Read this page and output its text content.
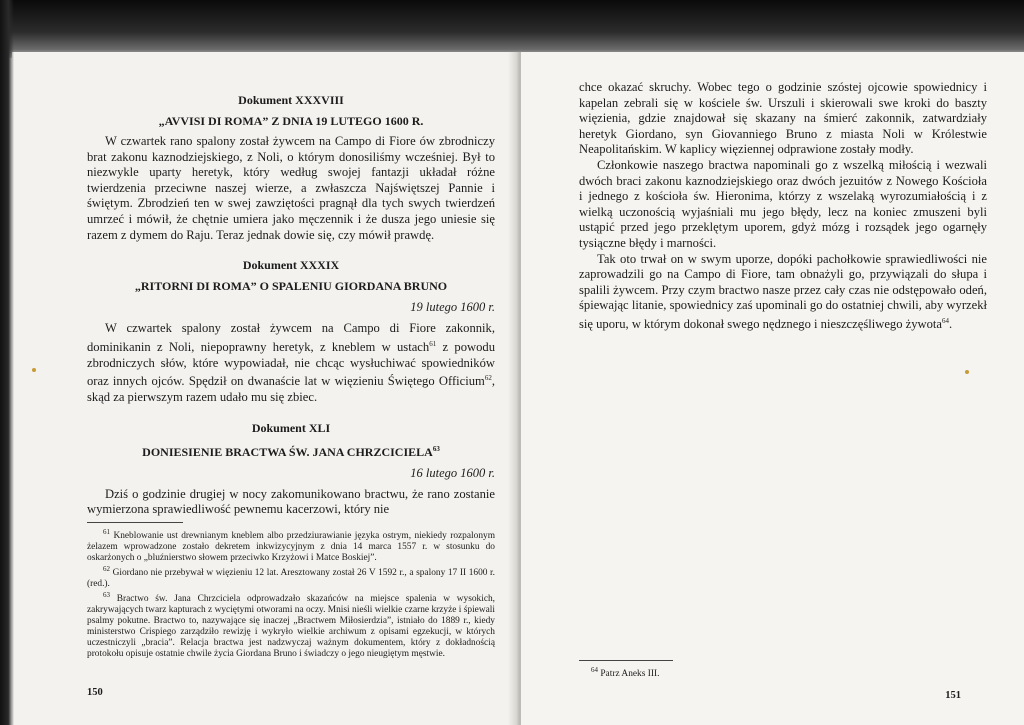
Dokument XXXVIII
„AVVISI DI ROMA” Z DNIA 19 LUTEGO 1600 R.

W czwartek rano spalony został żywcem na Campo di Fiore ów zbrodniczy brat zakonu kaznodziejskiego, z Noli, o którym donosiliśmy wcześniej. Był to niezwykle uparty heretyk, który według swojej fantazji układał różne twierdzenia przeciwne naszej wierze, a zwłaszcza Najświętszej Pannie i świętym. Zbrodzień ten w swej zawziętości pragnął dla tych swych twierdzeń umrzeć i mówił, że chętnie umiera jako męczennik i że dusza jego uniesie się razem z dymem do Raju. Teraz jednak dowie się, czy mówił prawdę.

Dokument XXXIX
„RITORNI DI ROMA” O SPALENIU GIORDANA BRUNO
19 lutego 1600 r.

W czwartek spalony został żywcem na Campo di Fiore zakonnik, dominikanin z Noli, niepoprawny heretyk, z kneblem w ustach$^{61}$ z powodu zbrodniczych słów, które wypowiadał, nie chcąc wysłuchiwać spowiedników oraz innych ojców. Spędził on dwanaście lat w więzieniu Świętego Officium$^{62}$, skąd za pierwszym razem udało mu się zbiec.

Dokument XLI
DONIESIENIE BRACTWA ŚW. JANA CHRZCICIELA$^{63}$
16 lutego 1600 r.

Dziś o godzinie drugiej w nocy zakomunikowano bractwu, że rano zostanie wymierzona sprawiedliwość pewnemu kacerzowi, który nie

$^{61}$ Kneblowanie ust drewnianym kneblem albo przedziurawianie języka ostrym, niekiedy rozpalonym żelazem wprowadzone zostało dekretem inkwizycyjnym z dnia 14 marca 1557 r. w stosunku do oskarżonych o „bluźnierstwo słowem przeciwko Krzyżowi i Matce Boskiej”.

$^{62}$ Giordano nie przebywał w więzieniu 12 lat. Aresztowany został 26 V 1592 r., a spalony 17 II 1600 r. (red.).

$^{63}$ Bractwo św. Jana Chrzciciela odprowadzało skazańców na miejsce spalenia w wysokich, zakrywających twarz kapturach z wyciętymi otworami na oczy. Mnisi nieśli wielkie czarne krzyże i śpiewali psalmy pokutne. Bractwo to, nazywające się inaczej „Bractwem Miłosierdzia”, istniało do 1889 r., kiedy ministerstwo Crispiego zarządziło rewizję i wykryło wielkie archiwum z opisami egzekucji, w których uczestniczyli „bracia”. Relacja bractwa jest nadzwyczaj ważnym dokumentem, który z dokładnością protokołu opisuje ostatnie chwile życia Giordana Bruno i świadczy o jego nieugiętym męstwie.

150

chce okazać skruchy. Wobec tego o godzinie szóstej ojcowie spowiednicy i kapelan zebrali się w kościele św. Urszuli i skierowali swe kroki do baszty więzienia, gdzie znajdował się skazany na śmierć zakonnik, zatwardziały heretyk Giordano, syn Giovanniego Bruno z miasta Noli w Królestwie Neapolitańskim. W kaplicy więziennej odprawione zostały modły.

Członkowie naszego bractwa napominali go z wszelką miłością i wezwali dwóch braci zakonu kaznodziejskiego oraz dwóch jezuitów z Nowego Kościoła i jednego z kościoła św. Hieronima, którzy z wszelaką wyrozumiałością i z wielką uczonością wyjaśniali mu jego błędy, lecz na koniec zmuszeni byli ustąpić przed jego przeklętym uporem, gdyż mózg i rozsądek jego ogarnęły tysiączne błędy i marności.

Tak oto trwał on w swym uporze, dopóki pachołkowie sprawiedliwości nie zaprowadzili go na Campo di Fiore, tam obnażyli go, przywiązali do słupa i spalili żywcem. Przy czym bractwo nasze przez cały czas nie odstępowało odeń, śpiewając litanie, spowiednicy zaś upominali go do ostatniej chwili, aby wyrzekł się uporu, w którym dokonał swego nędznego i nieszczęśliwego żywota$^{64}$.

$^{64}$ Patrz Aneks III.

151
